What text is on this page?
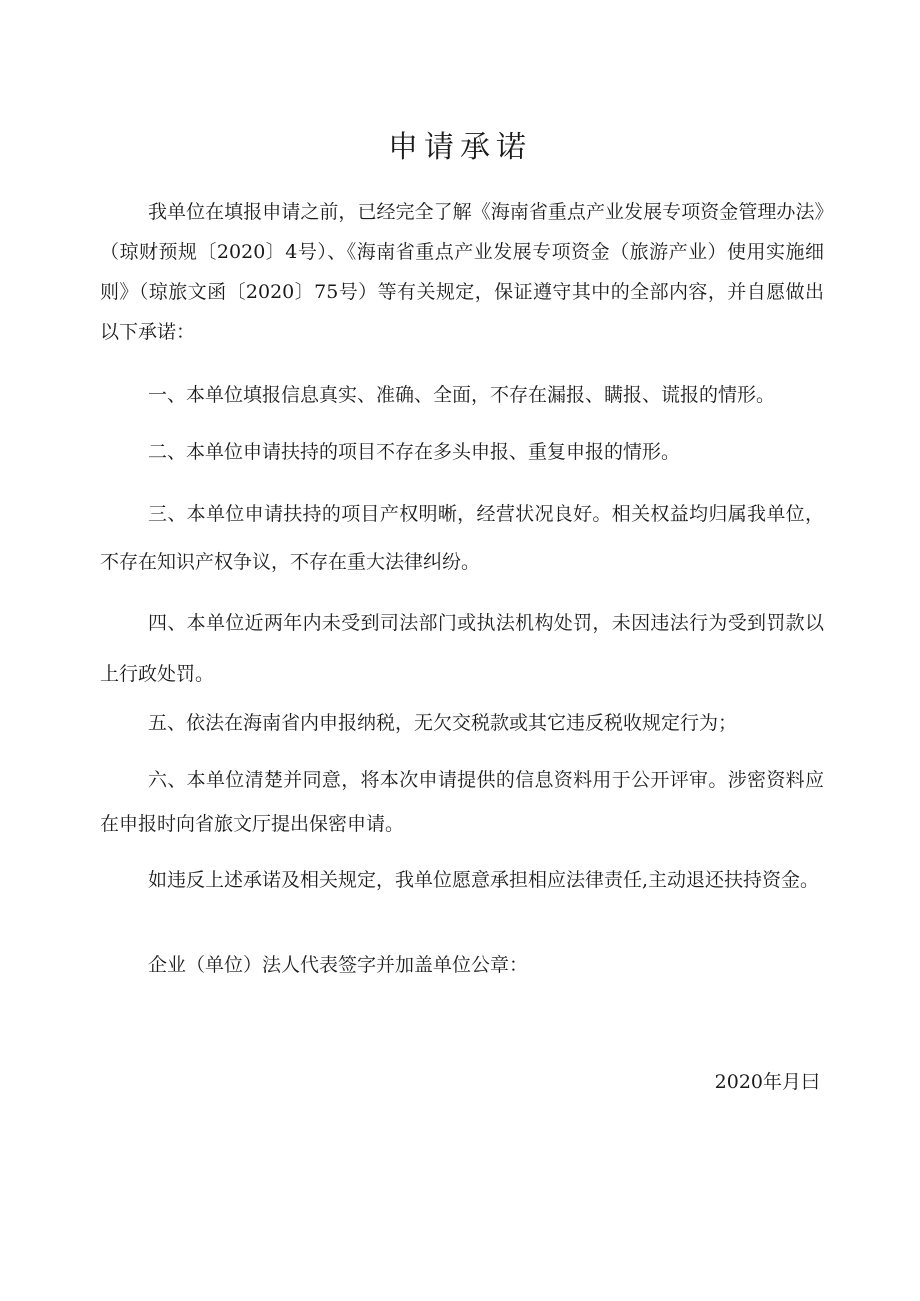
申请承诺

我单位在填报申请之前，已经完全了解《海南省重点产业发展专项资金管理办法》（琼财预规〔2020〕4号）、《海南省重点产业发展专项资金（旅游产业）使用实施细则》（琼旅文函〔2020〕75号）等有关规定，保证遵守其中的全部内容，并自愿做出以下承诺：

一、本单位填报信息真实、准确、全面，不存在漏报、瞒报、谎报的情形。

二、本单位申请扶持的项目不存在多头申报、重复申报的情形。

三、本单位申请扶持的项目产权明晰，经营状况良好。相关权益均归属我单位，不存在知识产权争议，不存在重大法律纠纷。

四、本单位近两年内未受到司法部门或执法机构处罚，未因违法行为受到罚款以上行政处罚。

五、依法在海南省内申报纳税，无欠交税款或其它违反税收规定行为；

六、本单位清楚并同意，将本次申请提供的信息资料用于公开评审。涉密资料应在申报时向省旅文厅提出保密申请。

如违反上述承诺及相关规定，我单位愿意承担相应法律责任,主动退还扶持资金。

企业（单位）法人代表签字并加盖单位公章：

2020年月曰
